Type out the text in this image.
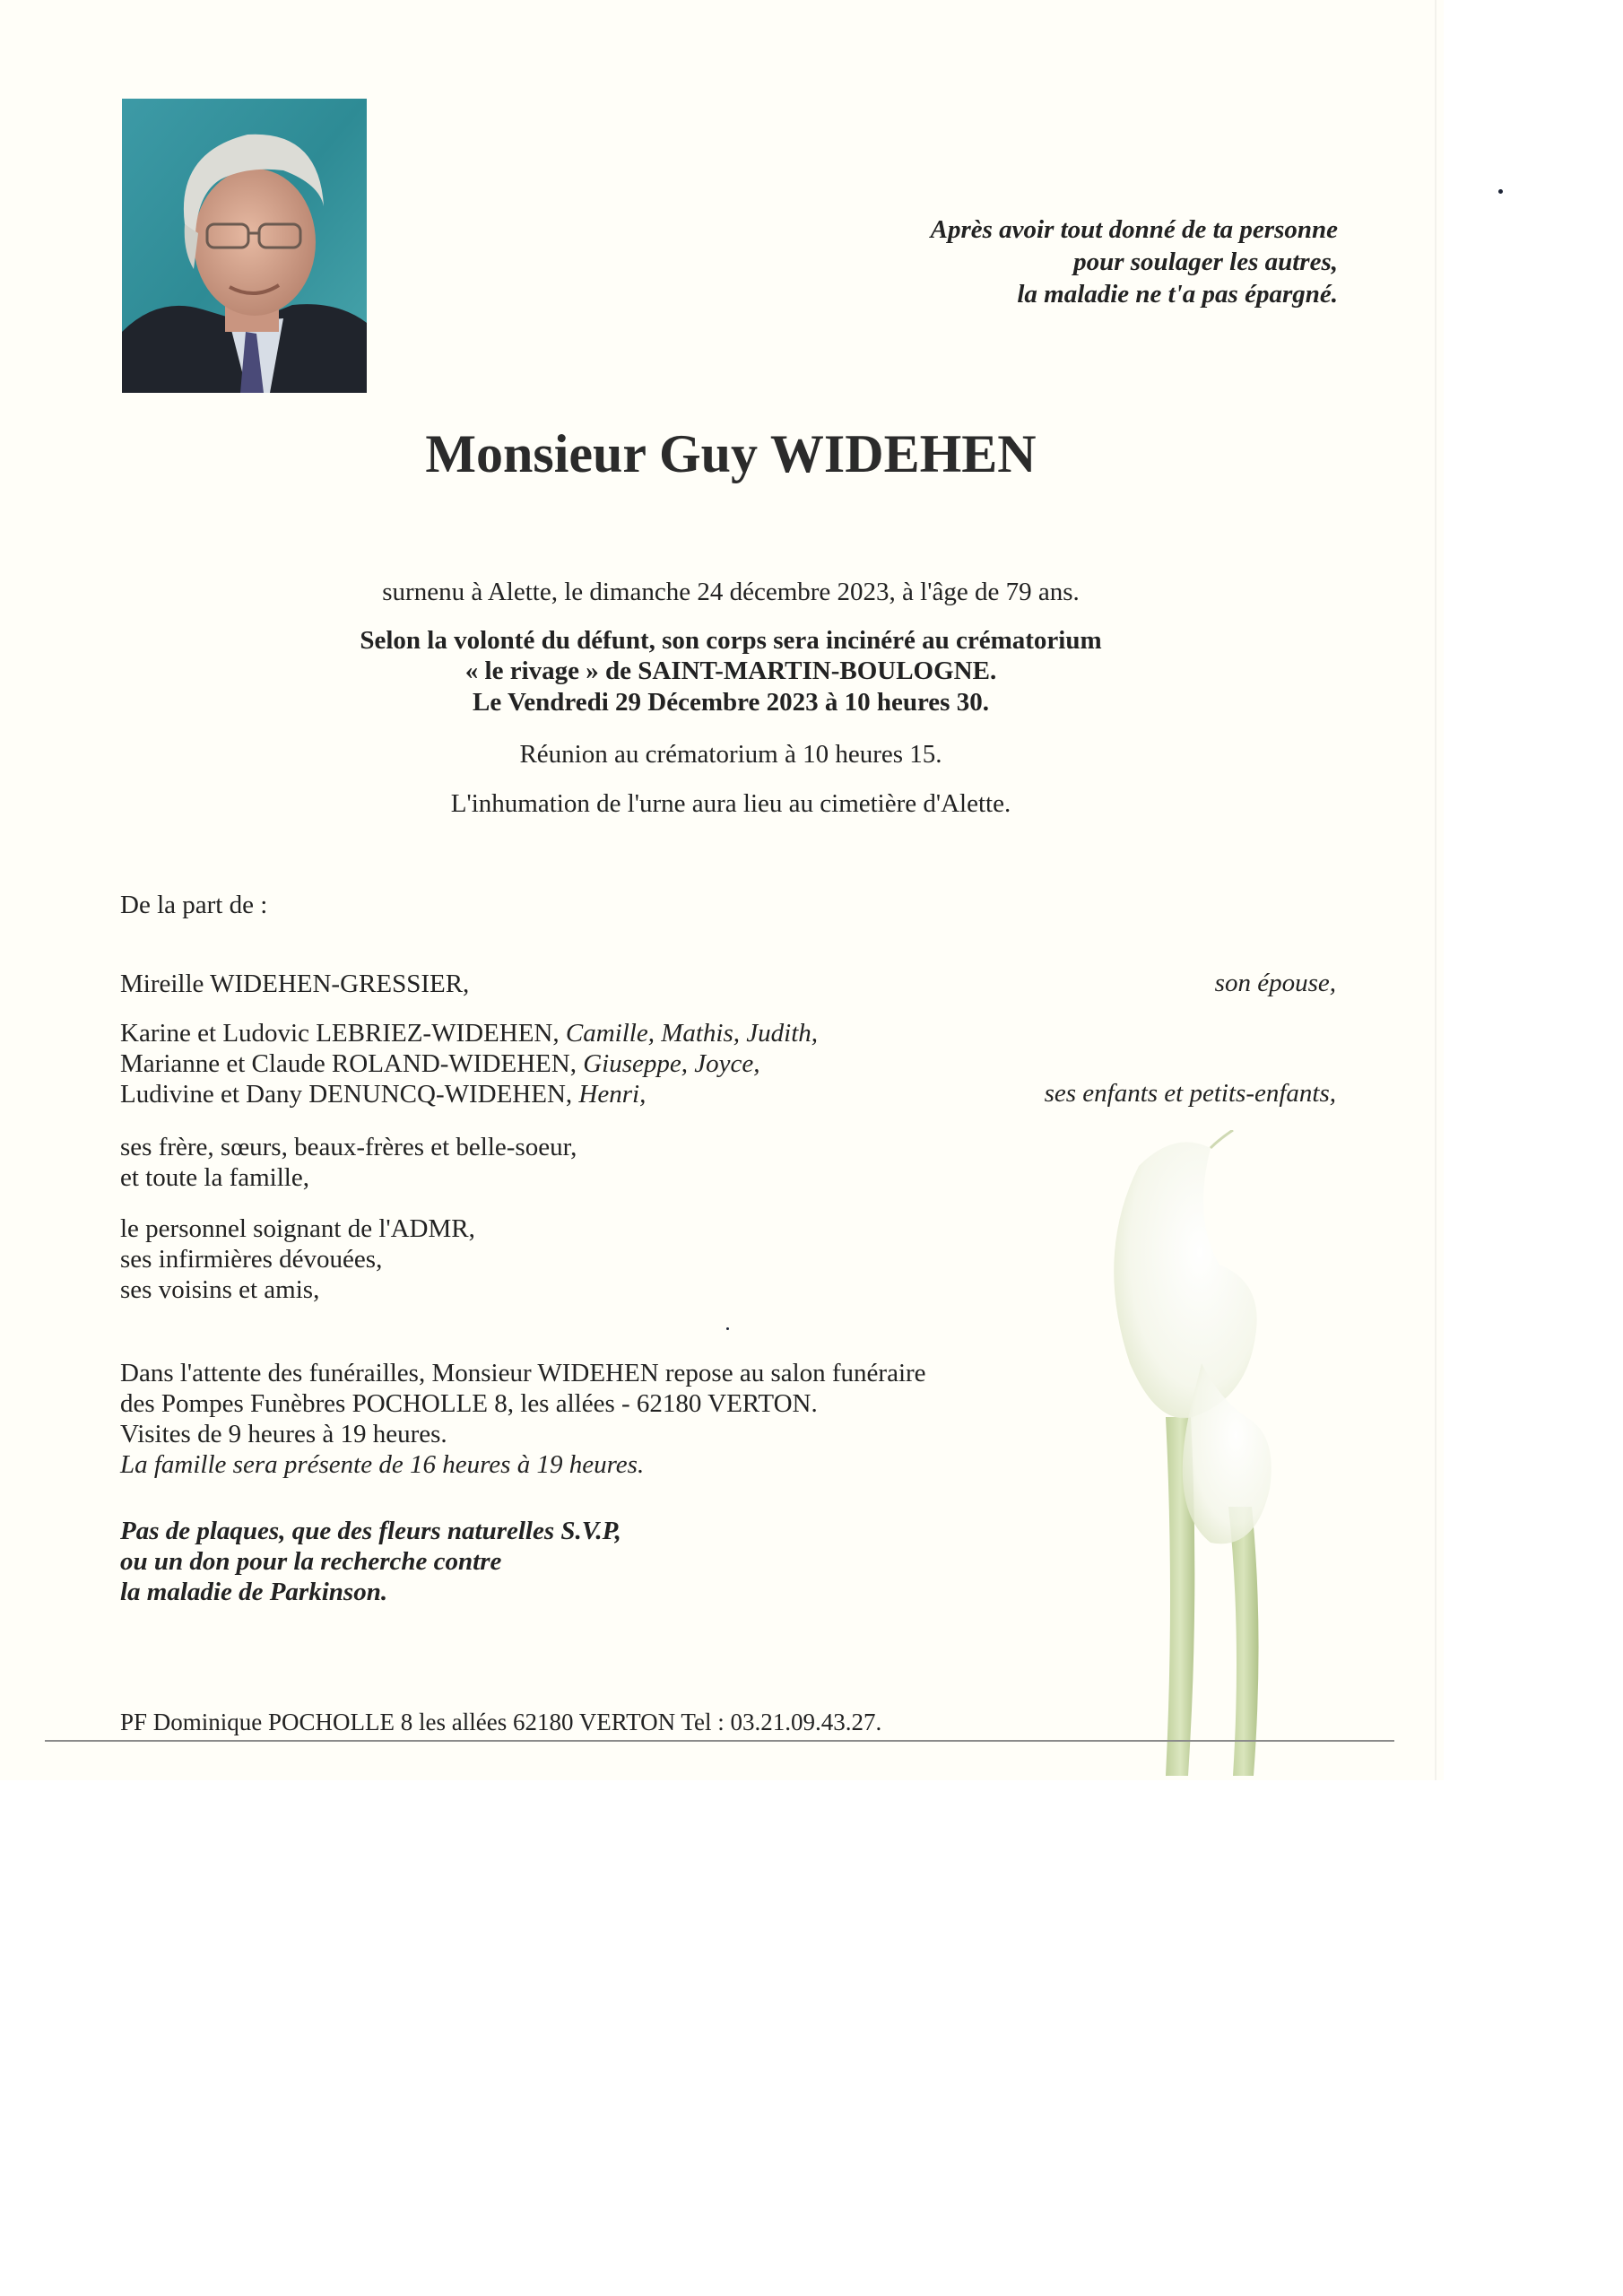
Après avoir tout donné de ta personne
pour soulager les autres,
la maladie ne t'a pas épargné.
Monsieur Guy WIDEHEN
surnenu à Alette, le dimanche 24 décembre 2023, à l'âge de 79 ans.
Selon la volonté du défunt, son corps sera incinéré au crématorium
« le rivage » de SAINT-MARTIN-BOULOGNE.
Le Vendredi 29 Décembre 2023 à 10 heures 30.
Réunion au crématorium à 10 heures 15.
L'inhumation de l'urne aura lieu au cimetière d'Alette.
De la part de :
Mireille WIDEHEN-GRESSIER,	son épouse,
Karine et Ludovic LEBRIEZ-WIDEHEN, Camille, Mathis, Judith,
Marianne et Claude ROLAND-WIDEHEN, Giuseppe, Joyce,
Ludivine et Dany DENUNCQ-WIDEHEN, Henri,	ses enfants et petits-enfants,
ses frère, sœurs, beaux-frères et belle-soeur,
et toute la famille,
le personnel soignant de l'ADMR,
ses infirmières dévouées,
ses voisins et amis,
Dans l'attente des funérailles, Monsieur WIDEHEN repose au salon funéraire
des Pompes Funèbres POCHOLLE 8, les allées - 62180 VERTON.
Visites de 9 heures à 19 heures.
La famille sera présente de 16 heures à 19 heures.
Pas de plaques, que des fleurs naturelles S.V.P,
ou un don pour la recherche contre
la maladie de Parkinson.
PF Dominique POCHOLLE 8 les allées 62180 VERTON Tel : 03.21.09.43.27.
